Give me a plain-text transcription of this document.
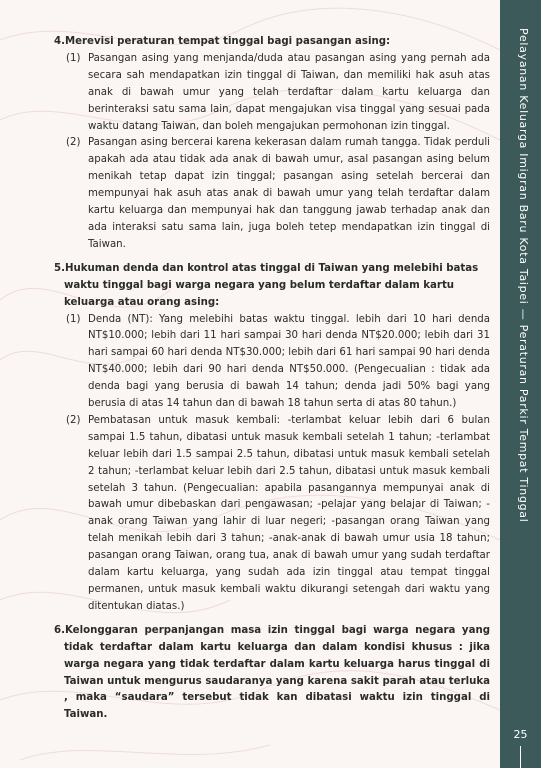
Pelayanan Keluarga Imigran Baru Kota Taipei — Peraturan Parkir Tempat Tinggal
25
4.Merevisi peraturan tempat tinggal bagi pasangan asing:
(1) Pasangan asing yang menjanda/duda atau pasangan asing yang pernah ada secara sah mendapatkan izin tinggal di Taiwan, dan memiliki hak asuh atas anak di bawah umur yang telah terdaftar dalam kartu keluarga dan berinteraksi satu sama lain, dapat mengajukan visa tinggal yang sesuai pada waktu datang Taiwan, dan boleh mengajukan permohonan izin tinggal.
(2) Pasangan asing bercerai karena kekerasan dalam rumah tangga. Tidak perduli apakah ada atau tidak ada anak di bawah umur, asal pasangan asing belum menikah tetap dapat izin tinggal; pasangan asing setelah bercerai dan mempunyai hak asuh atas anak di bawah umur yang telah terdaftar dalam kartu keluarga dan mempunyai hak dan tanggung jawab terhadap anak dan ada interaksi satu sama lain, juga boleh tetep mendapatkan izin tinggal di Taiwan.
5.Hukuman denda dan kontrol atas tinggal di Taiwan yang melebihi batas waktu tinggal bagi warga negara yang belum terdaftar dalam kartu keluarga atau orang asing:
(1) Denda (NT): Yang melebihi batas waktu tinggal. lebih dari 10 hari denda NT$10.000; lebih dari 11 hari sampai 30 hari denda NT$20.000; lebih dari 31 hari sampai 60 hari denda NT$30.000; lebih dari 61 hari sampai 90 hari denda NT$40.000; lebih dari 90 hari denda NT$50.000. (Pengecualian : tidak ada denda bagi yang berusia di bawah 14 tahun; denda jadi 50% bagi yang berusia di atas 14 tahun dan di bawah 18 tahun serta di atas 80 tahun.)
(2) Pembatasan untuk masuk kembali: -terlambat keluar lebih dari 6 bulan sampai 1.5 tahun, dibatasi untuk masuk kembali setelah 1 tahun; -terlambat keluar lebih dari 1.5 sampai 2.5 tahun, dibatasi untuk masuk kembali setelah 2 tahun; -terlambat keluar lebih dari 2.5 tahun, dibatasi untuk masuk kembali setelah 3 tahun. (Pengecualian: apabila pasangannya mempunyai anak di bawah umur dibebaskan dari pengawasan; -pelajar yang belajar di Taiwan; -anak orang Taiwan yang lahir di luar negeri; -pasangan orang Taiwan yang telah menikah lebih dari 3 tahun; -anak-anak di bawah umur usia 18 tahun; pasangan orang Taiwan, orang tua, anak di bawah umur yang sudah terdaftar dalam kartu keluarga, yang sudah ada izin tinggal atau tempat tinggal permanen, untuk masuk kembali waktu dikurangi setengah dari waktu yang ditentukan diatas.)
6.Kelonggaran perpanjangan masa izin tinggal bagi warga negara yang tidak terdaftar dalam kartu keluarga dan dalam kondisi khusus : jika warga negara yang tidak terdaftar dalam kartu keluarga harus tinggal di Taiwan untuk mengurus saudaranya yang karena sakit parah atau terluka , maka “saudara” tersebut tidak kan dibatasi waktu izin tinggal di Taiwan.
